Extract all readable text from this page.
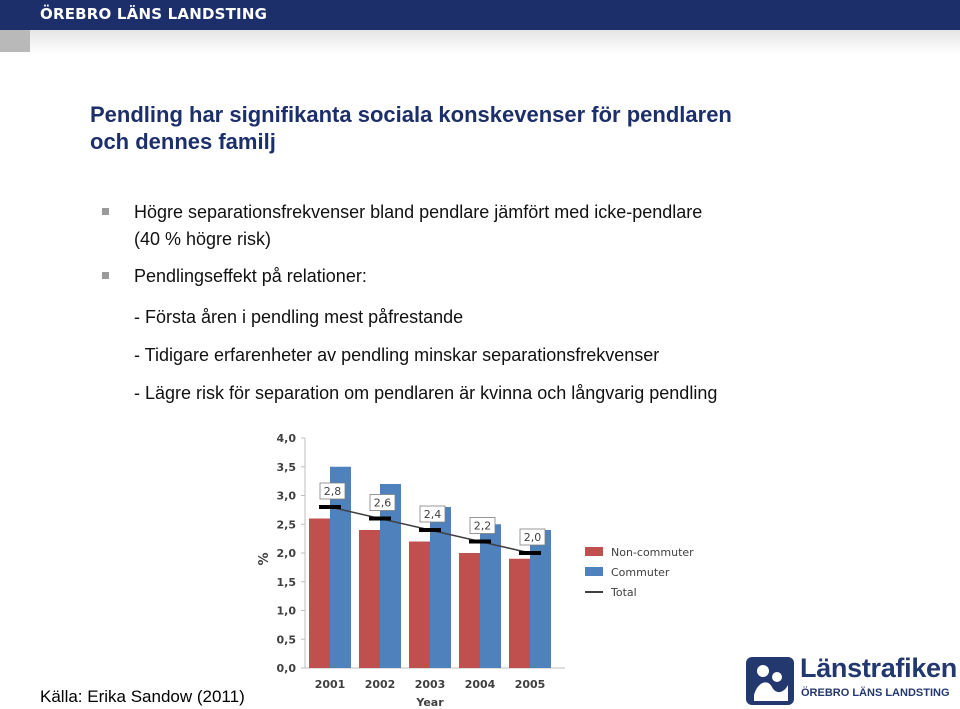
ÖREBRO LÄNS LANDSTING
Pendling har signifikanta sociala konskevenser för pendlaren
och dennes familj
Högre separationsfrekvenser bland pendlare jämfört med icke-pendlare
(40 % högre risk)
Pendlingseffekt på relationer:
- Första åren i pendling mest påfrestande
- Tidigare erfarenheter av pendling minskar separationsfrekvenser
- Lägre risk för separation om pendlaren är kvinna och långvarig pendling
0,0
0,5
1,0
1,5
2,0
2,5
3,0
3,5
4,0
%
2001 2002 2003 2004 2005
Year
2,8
2,6
2,4
2,2
2,0
Non-commuter
Commuter
Total
Källa: Erika Sandow (2011)
Länstrafiken
ÖREBRO LÄNS LANDSTING
